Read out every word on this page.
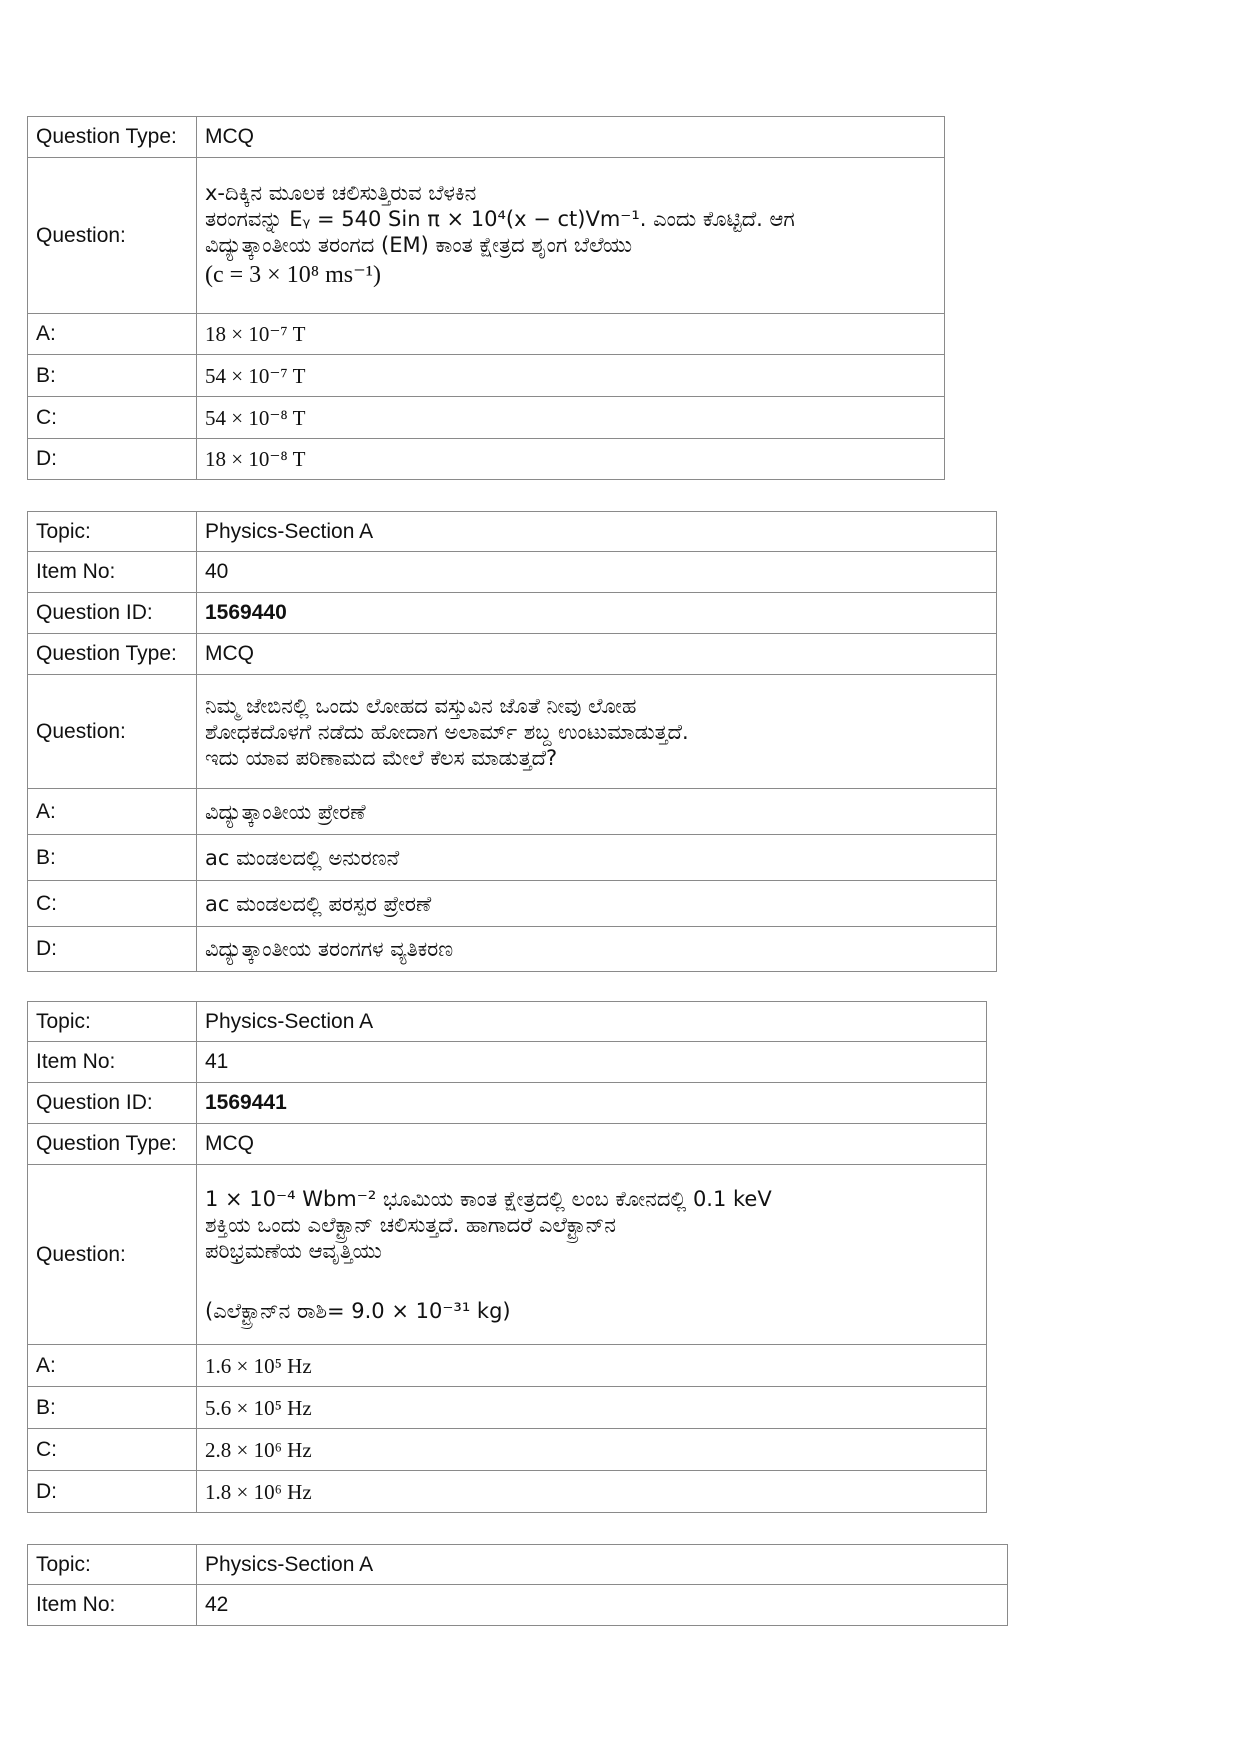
Question Type:	MCQ
Question:	x-ದಿಕ್ಕಿನ ಮೂಲಕ ಚಲಿಸುತ್ತಿರುವ ಬೆಳಕಿನ
ತರಂಗವನ್ನು Eᵧ = 540 Sin π × 10⁴(x − ct)Vm⁻¹. ಎಂದು ಕೊಟ್ಟಿದೆ. ಆಗ
ವಿದ್ಯುತ್ಕಾಂತೀಯ ತರಂಗದ (EM) ಕಾಂತ ಕ್ಷೇತ್ರದ ಶೃಂಗ ಬೆಲೆಯು
(c = 3 × 10⁸ ms⁻¹)

A:	18 × 10⁻⁷ T
B:	54 × 10⁻⁷ T
C:	54 × 10⁻⁸ T
D:	18 × 10⁻⁸ T
Topic:	Physics-Section A
Item No:	40
Question ID:	1569440
Question Type:	MCQ
Question:	ನಿಮ್ಮ ಜೇಬಿನಲ್ಲಿ ಒಂದು ಲೋಹದ ವಸ್ತುವಿನ ಜೊತೆ ನೀವು ಲೋಹ
ಶೋಧಕದೊಳಗೆ ನಡೆದು ಹೋದಾಗ ಅಲಾರ್ಮ್ ಶಬ್ದ ಉಂಟುಮಾಡುತ್ತದೆ.
ಇದು ಯಾವ ಪರಿಣಾಮದ ಮೇಲೆ ಕೆಲಸ ಮಾಡುತ್ತದೆ?

A:	ವಿದ್ಯುತ್ಕಾಂತೀಯ ಪ್ರೇರಣೆ
B:	ac ಮಂಡಲದಲ್ಲಿ ಅನುರಣನೆ
C:	ac ಮಂಡಲದಲ್ಲಿ ಪರಸ್ಪರ ಪ್ರೇರಣೆ
D:	ವಿದ್ಯುತ್ಕಾಂತೀಯ ತರಂಗಗಳ ವ್ಯತಿಕರಣ
Topic:	Physics-Section A
Item No:	41
Question ID:	1569441
Question Type:	MCQ
Question:	1 × 10⁻⁴ Wbm⁻² ಭೂಮಿಯ ಕಾಂತ ಕ್ಷೇತ್ರದಲ್ಲಿ ಲಂಬ ಕೋನದಲ್ಲಿ 0.1 keV
ಶಕ್ತಿಯ ಒಂದು ಎಲೆಕ್ಟ್ರಾನ್ ಚಲಿಸುತ್ತದೆ. ಹಾಗಾದರೆ ಎಲೆಕ್ಟ್ರಾನ್‌ನ
ಪರಿಭ್ರಮಣೆಯ ಆವೃತ್ತಿಯು
(ಎಲೆಕ್ಟ್ರಾನ್‌ನ ರಾಶಿ= 9.0 × 10⁻³¹ kg)

A:	1.6 × 10⁵ Hz
B:	5.6 × 10⁵ Hz
C:	2.8 × 10⁶ Hz
D:	1.8 × 10⁶ Hz
Topic:	Physics-Section A
Item No:	42
